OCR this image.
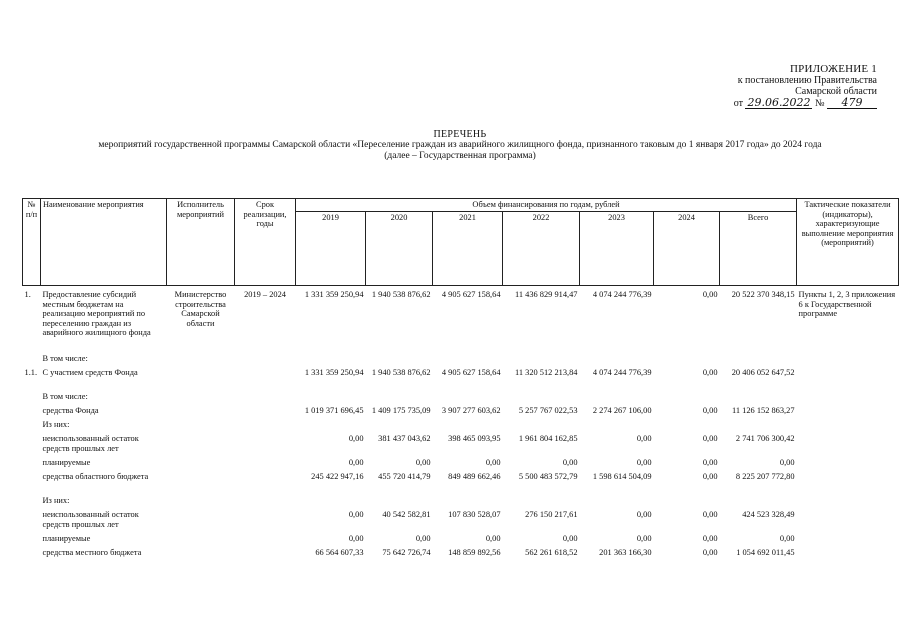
ПРИЛОЖЕНИЕ 1
к постановлению Правительства
Самарской области
от 29.06.2022 № 479
ПЕРЕЧЕНЬ
мероприятий государственной программы Самарской области «Переселение граждан из аварийного жилищного фонда, признанного таковым до 1 января 2017 года» до 2024 года
(далее – Государственная программа)
№ п/п	Наименование мероприятия	Исполнитель мероприятий	Срок реализации, годы	Объем финансирования по годам, рублей							Тактические показатели (индикаторы), характеризующие выполнение мероприятия (мероприятий)
				2019	2020	2021	2022	2023	2024	Всего	

1.	Предоставление субсидий местным бюджетам на реализацию мероприятий по переселению граждан из аварийного жилищного фонда	Министерство строительства Самарской области	2019 – 2024	1 331 359 250,94	1 940 538 876,62	4 905 627 158,64	11 436 829 914,47	4 074 244 776,39	0,00	20 522 370 348,15	Пункты 1, 2, 3 приложения 6 к Государственной программе

	В том числе:										
1.1.	С участием средств Фонда			1 331 359 250,94	1 940 538 876,62	4 905 627 158,64	11 320 512 213,84	4 074 244 776,39	0,00	20 406 052 647,52	
	В том числе:										
	средства Фонда			1 019 371 696,45	1 409 175 735,09	3 907 277 603,62	5 257 767 022,53	2 274 267 106,00	0,00	11 126 152 863,27	
	Из них:										
	неиспользованный остаток средств прошлых лет			0,00	381 437 043,62	398 465 093,95	1 961 804 162,85	0,00	0,00	2 741 706 300,42	
	планируемые			0,00	0,00	0,00	0,00	0,00	0,00	0,00	
	средства областного бюджета			245 422 947,16	455 720 414,79	849 489 662,46	5 500 483 572,79	1 598 614 504,09	0,00	8 225 207 772,80	
	Из них:										
	неиспользованный остаток средств прошлых лет			0,00	40 542 582,81	107 830 528,07	276 150 217,61	0,00	0,00	424 523 328,49	
	планируемые			0,00	0,00	0,00	0,00	0,00	0,00	0,00	
	средства местного бюджета			66 564 607,33	75 642 726,74	148 859 892,56	562 261 618,52	201 363 166,30	0,00	1 054 692 011,45	
